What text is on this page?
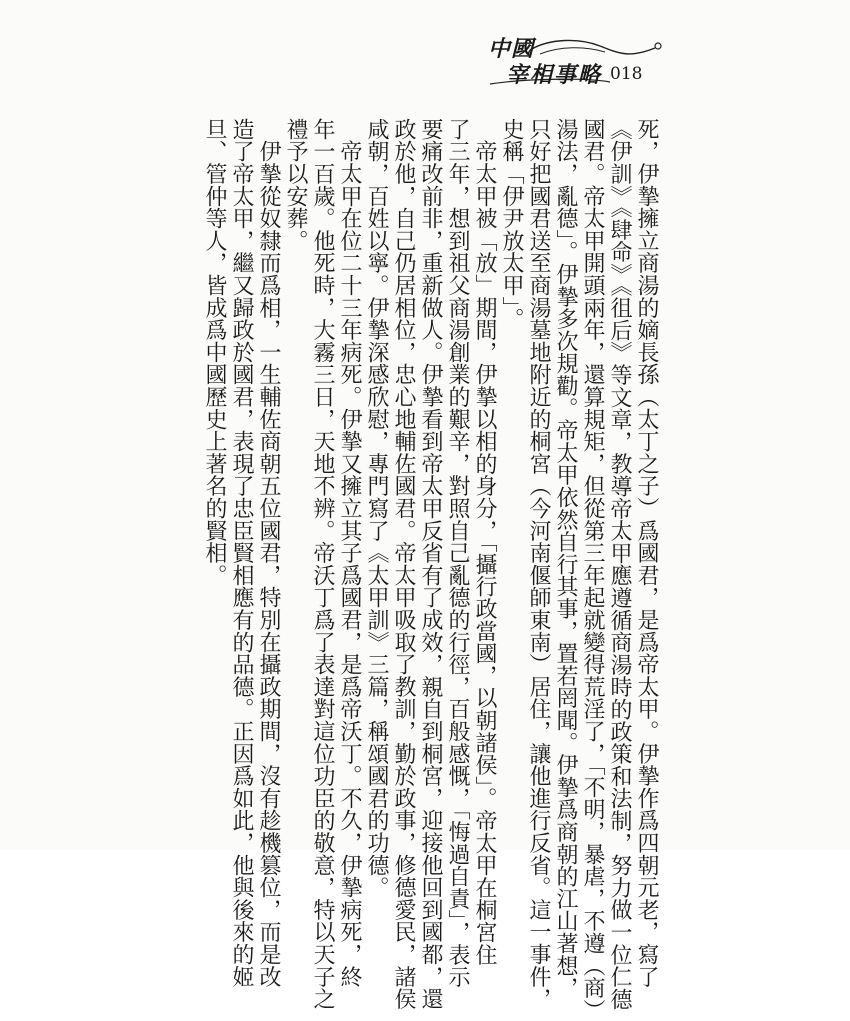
中國
宰相事略 018
死，伊摯擁立商湯的嫡長孫（太丁之子）爲國君，是爲帝太甲。伊摯作爲四朝元老，寫了
《伊訓》《肆命》《徂后》等文章，教導帝太甲應遵循商湯時的政策和法制，努力做一位仁德
國君。帝太甲開頭兩年，還算規矩，但從第三年起就變得荒淫了，「不明，暴虐，不遵（商）
湯法，亂德」。伊摯多次規勸。帝太甲依然自行其事，置若罔聞。伊摯爲商朝的江山著想，
只好把國君送至商湯墓地附近的桐宮（今河南偃師東南）居住，讓他進行反省。這一事件，
史稱「伊尹放太甲」。
　帝太甲被「放」期間，伊摯以相的身分，「攝行政當國，以朝諸侯」。帝太甲在桐宮住
了三年，想到祖父商湯創業的艱辛，對照自己亂德的行徑，百般感慨，「悔過自責」，表示
要痛改前非，重新做人。伊摯看到帝太甲反省有了成效，親自到桐宮，迎接他回到國都，還
政於他，自己仍居相位，忠心地輔佐國君。帝太甲吸取了教訓，勤於政事，修德愛民，諸侯
咸朝，百姓以寧。伊摯深感欣慰，專門寫了《太甲訓》三篇，稱頌國君的功德。
　帝太甲在位二十三年病死。伊摯又擁立其子爲國君，是爲帝沃丁。不久，伊摯病死，終
年一百歲。他死時，大霧三日，天地不辨。帝沃丁爲了表達對這位功臣的敬意，特以天子之
禮予以安葬。
　伊摯從奴隸而爲相，一生輔佐商朝五位國君，特別在攝政期間，沒有趁機篡位，而是改
造了帝太甲，繼又歸政於國君，表現了忠臣賢相應有的品德。正因爲如此，他與後來的姬
旦、管仲等人，皆成爲中國歷史上著名的賢相。
